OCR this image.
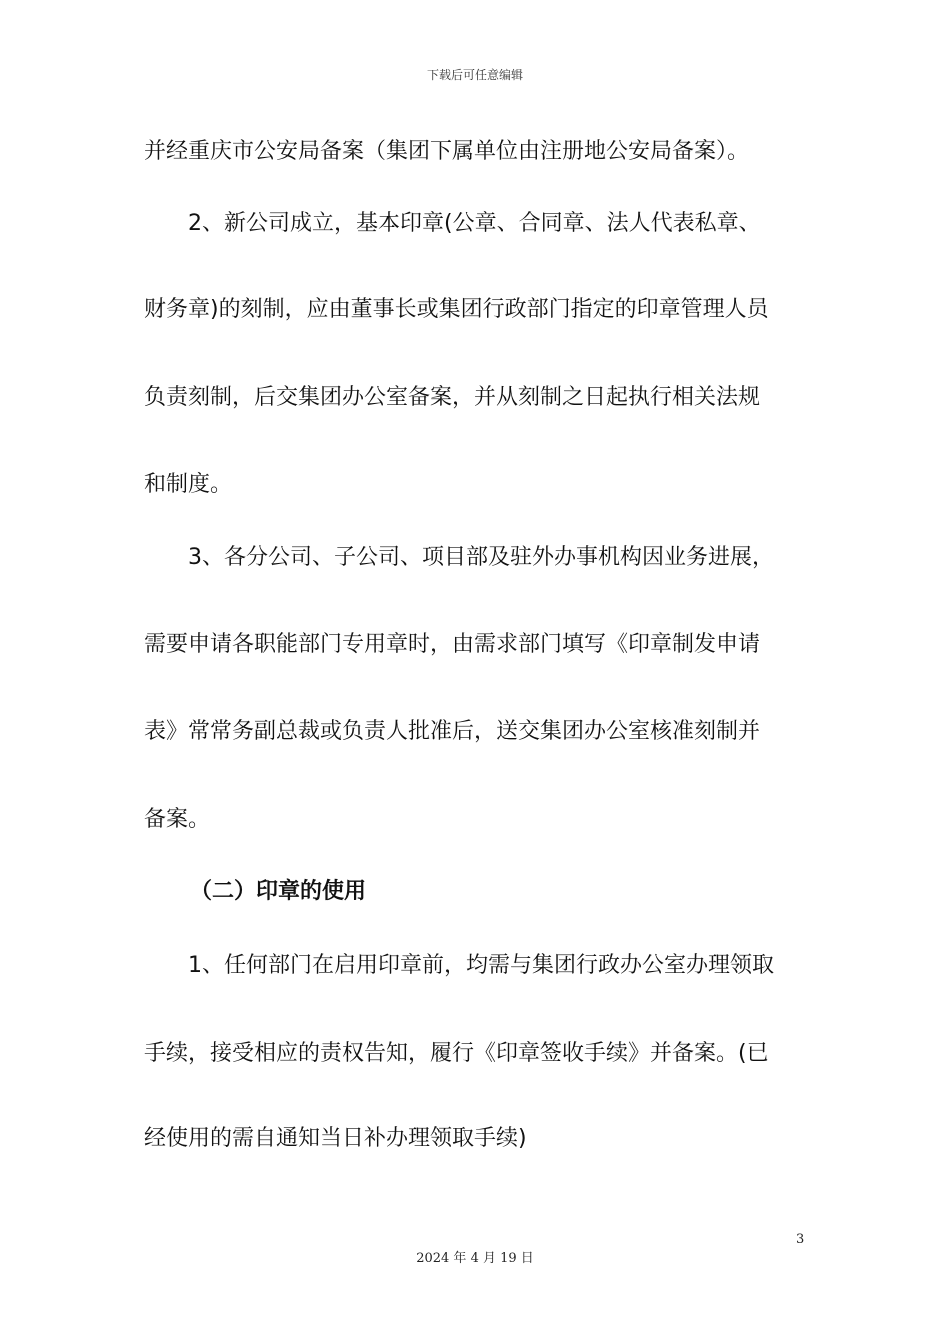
下载后可任意编辑
并经重庆市公安局备案（集团下属单位由注册地公安局备案）。
2、新公司成立，基本印章(公章、合同章、法人代表私章、
财务章)的刻制，应由董事长或集团行政部门指定的印章管理人员
负责刻制，后交集团办公室备案，并从刻制之日起执行相关法规
和制度。
3、各分公司、子公司、项目部及驻外办事机构因业务进展，
需要申请各职能部门专用章时，由需求部门填写《印章制发申请
表》常常务副总裁或负责人批准后，送交集团办公室核准刻制并
备案。
（二）印章的使用
1、任何部门在启用印章前，均需与集团行政办公室办理领取
手续，接受相应的责权告知，履行《印章签收手续》并备案。(已
经使用的需自通知当日补办理领取手续)
3
2024 年 4 月 19 日
